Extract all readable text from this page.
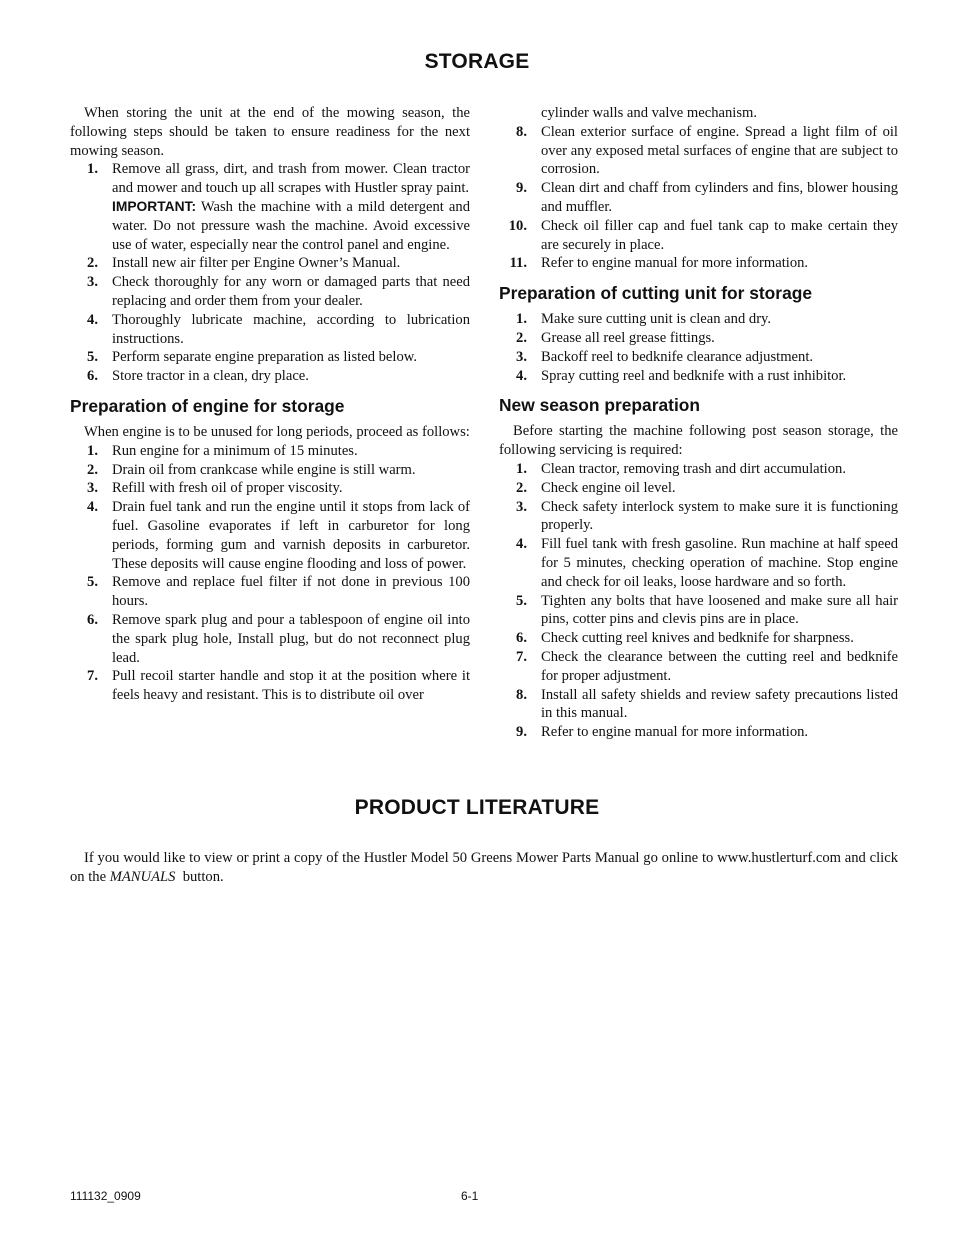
STORAGE

When storing the unit at the end of the mowing season, the following steps should be taken to ensure readiness for the next mowing season.

1. Remove all grass, dirt, and trash from mower. Clean tractor and mower and touch up all scrapes with Hustler spray paint.
IMPORTANT: Wash the machine with a mild detergent and water. Do not pressure wash the machine. Avoid excessive use of water, especially near the control panel and engine.
2. Install new air filter per Engine Owner’s Manual.
3. Check thoroughly for any worn or damaged parts that need replacing and order them from your dealer.
4. Thoroughly lubricate machine, according to lubrication instructions.
5. Perform separate engine preparation as listed below.
6. Store tractor in a clean, dry place.
Preparation of engine for storage

When engine is to be unused for long periods, proceed as follows:

1. Run engine for a minimum of 15 minutes.
2. Drain oil from crankcase while engine is still warm.
3. Refill with fresh oil of proper viscosity.
4. Drain fuel tank and run the engine until it stops from lack of fuel. Gasoline evaporates if left in carburetor for long periods, forming gum and varnish deposits in carburetor. These deposits will cause engine flooding and loss of power.
5. Remove and replace fuel filter if not done in previous 100 hours.
6. Remove spark plug and pour a tablespoon of engine oil into the spark plug hole, Install plug, but do not reconnect plug lead.
7. Pull recoil starter handle and stop it at the position where it feels heavy and resistant. This is to distribute oil over
cylinder walls and valve mechanism.
8. Clean exterior surface of engine. Spread a light film of oil over any exposed metal surfaces of engine that are subject to corrosion.
9. Clean dirt and chaff from cylinders and fins, blower housing and muffler.
10. Check oil filler cap and fuel tank cap to make certain they are securely in place.
11. Refer to engine manual for more information.
Preparation of cutting unit for storage
1. Make sure cutting unit is clean and dry.
2. Grease all reel grease fittings.
3. Backoff reel to bedknife clearance adjustment.
4. Spray cutting reel and bedknife with a rust inhibitor.
New season preparation

Before starting the machine following post season storage, the following servicing is required:

1. Clean tractor, removing trash and dirt accumulation.
2. Check engine oil level.
3. Check safety interlock system to make sure it is functioning properly.
4. Fill fuel tank with fresh gasoline. Run machine at half speed for 5 minutes, checking operation of machine. Stop engine and check for oil leaks, loose hardware and so forth.
5. Tighten any bolts that have loosened and make sure all hair pins, cotter pins and clevis pins are in place.
6. Check cutting reel knives and bedknife for sharpness.
7. Check the clearance between the cutting reel and bedknife for proper adjustment.
8. Install all safety shields and review safety precautions listed in this manual.
9. Refer to engine manual for more information.
PRODUCT LITERATURE

If you would like to view or print a copy of the Hustler Model 50 Greens Mower Parts Manual go online to www.hustlerturf.com and click on the MANUALS  button.

111132_0909	6-1
